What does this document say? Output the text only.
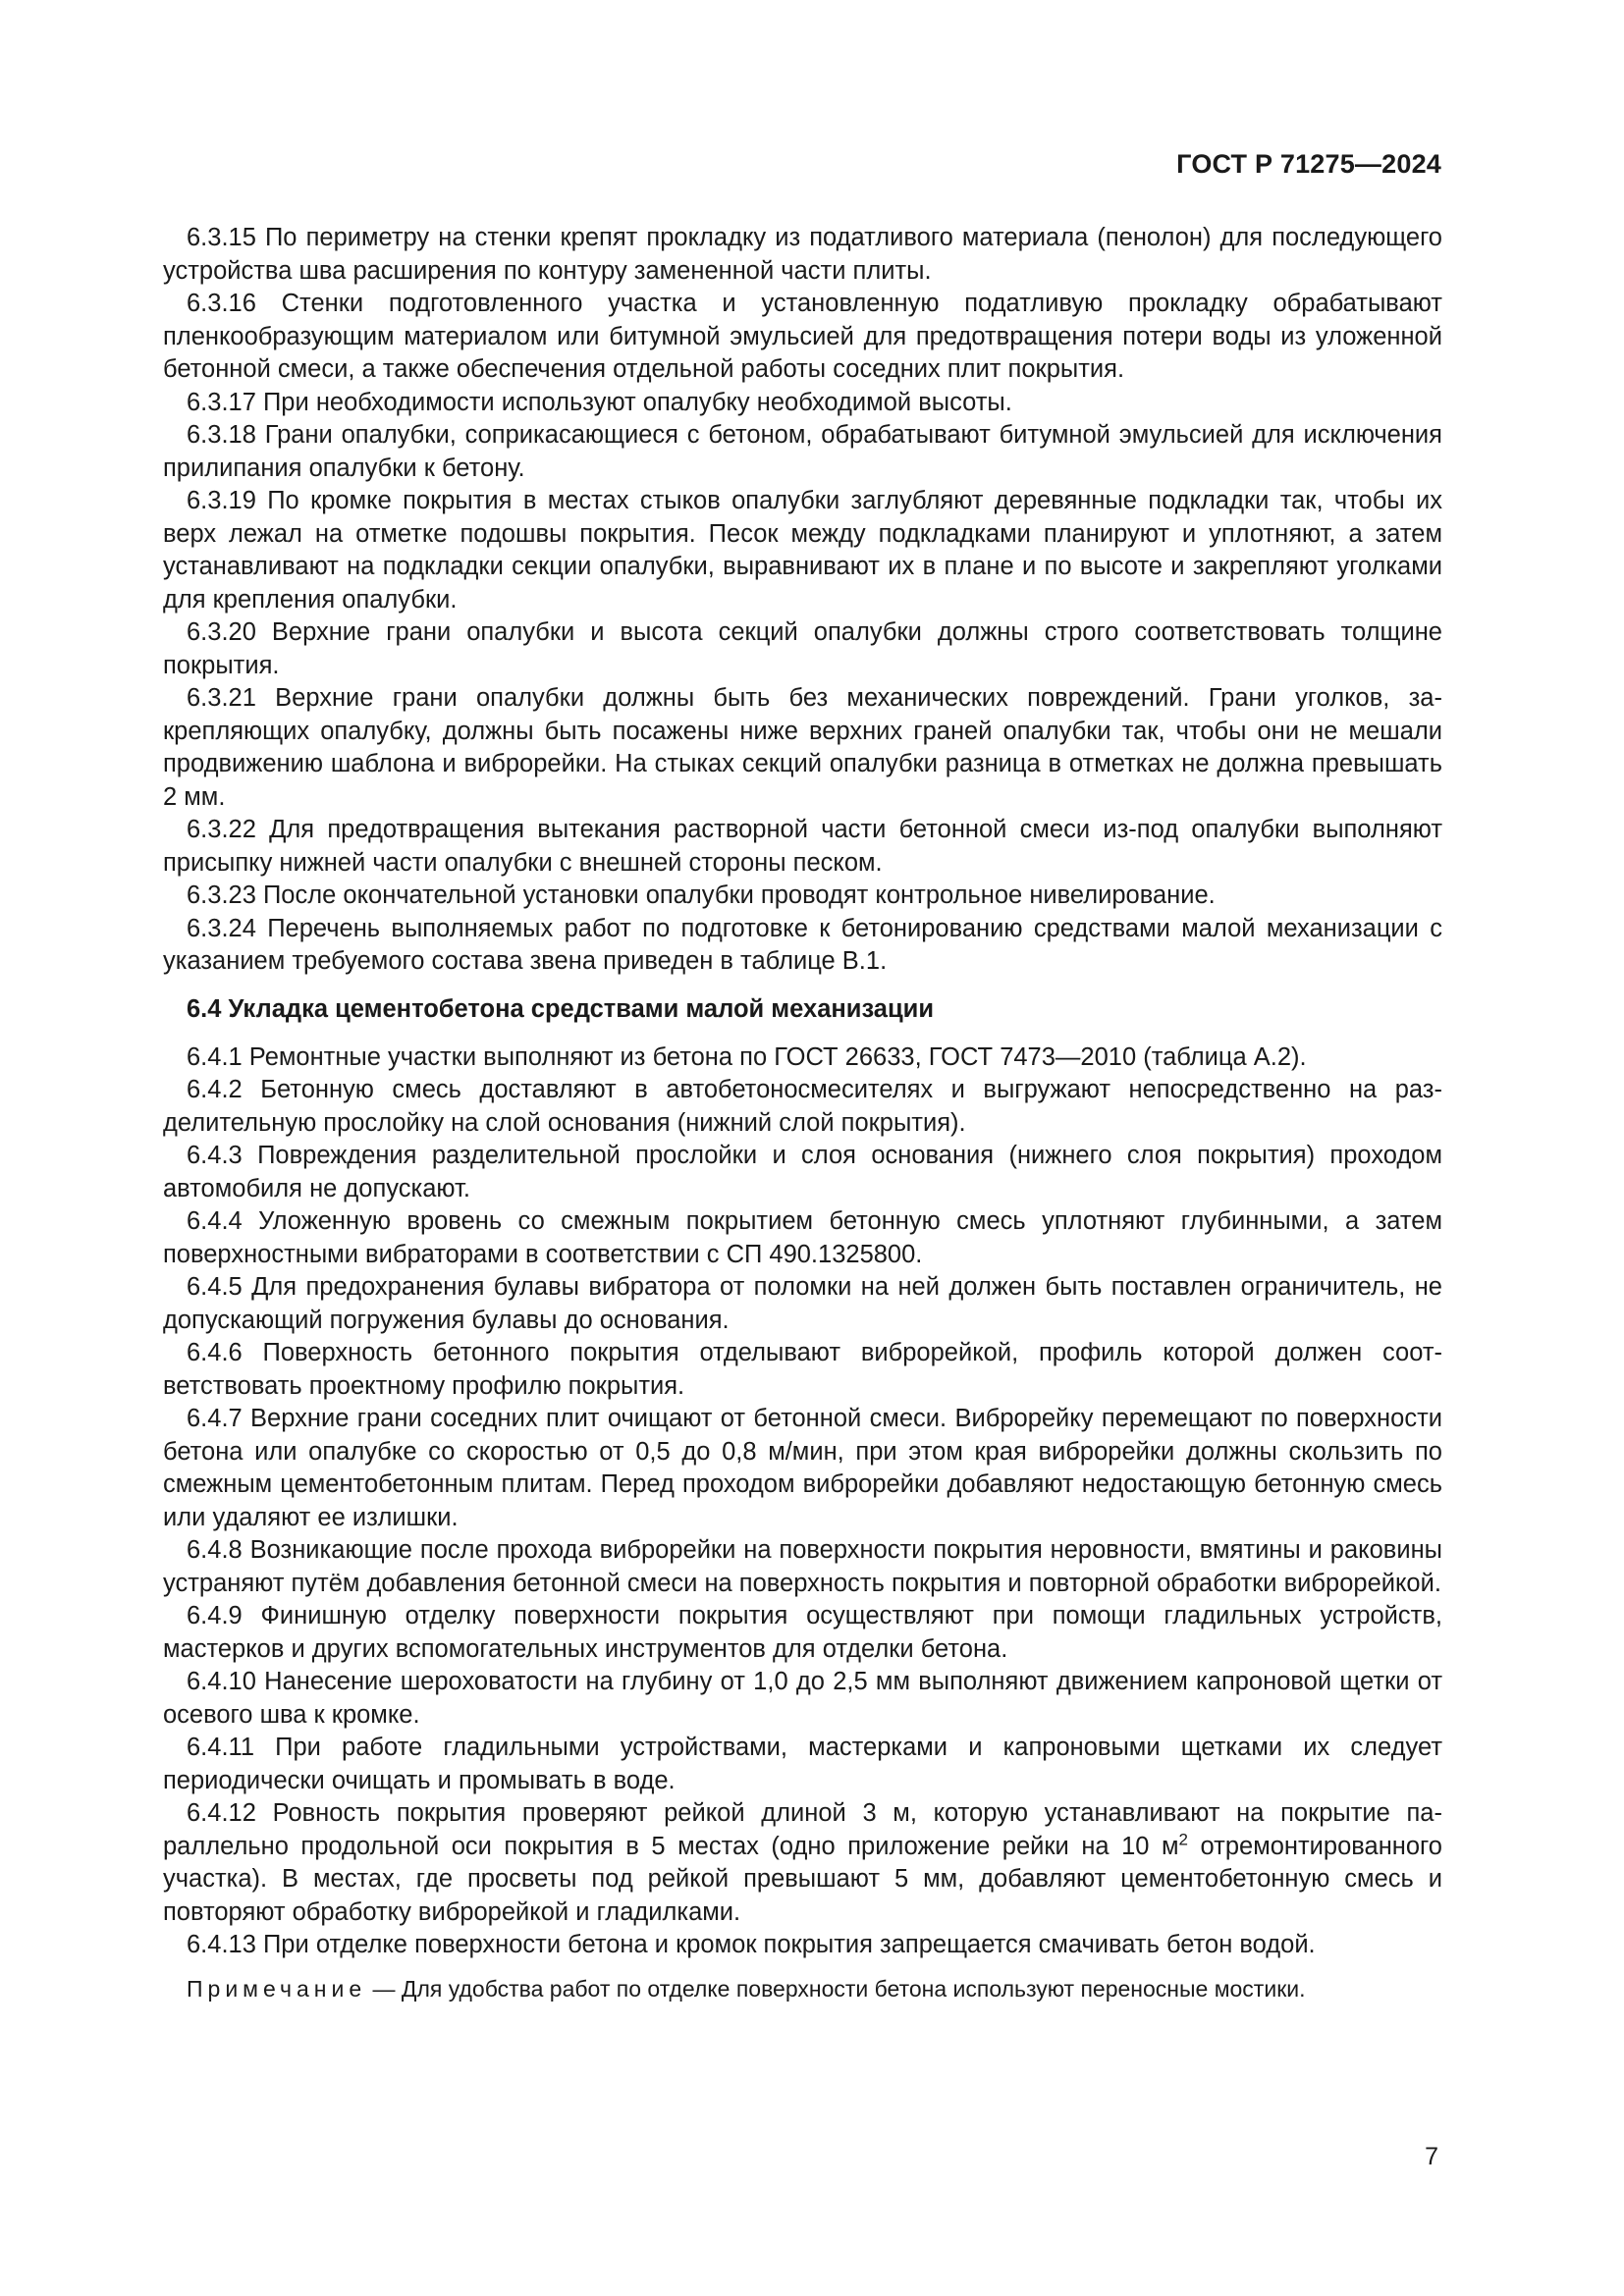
ГОСТ Р 71275—2024

6.3.15 По периметру на стенки крепят прокладку из податливого материала (пенолон) для последующего устройства шва расширения по контуру замененной части плиты.

6.3.16 Стенки подготовленного участка и установленную податливую прокладку обрабатывают пленкообразующим материалом или битумной эмульсией для предотвращения потери воды из уложенной бетонной смеси, а также обеспечения отдельной работы соседних плит покрытия.

6.3.17 При необходимости используют опалубку необходимой высоты.

6.3.18 Грани опалубки, соприкасающиеся с бетоном, обрабатывают битумной эмульсией для исключения прилипания опалубки к бетону.

6.3.19 По кромке покрытия в местах стыков опалубки заглубляют деревянные подкладки так, чтобы их верх лежал на отметке подошвы покрытия. Песок между подкладками планируют и уплотняют, а затем устанавливают на подкладки секции опалубки, выравнивают их в плане и по высоте и закрепляют уголками для крепления опалубки.

6.3.20 Верхние грани опалубки и высота секций опалубки должны строго соответствовать толщине покрытия.

6.3.21 Верхние грани опалубки должны быть без механических повреждений. Грани уголков, закрепляющих опалубку, должны быть посажены ниже верхних граней опалубки так, чтобы они не мешали продвижению шаблона и виброрейки. На стыках секций опалубки разница в отметках не должна превышать 2 мм.

6.3.22 Для предотвращения вытекания растворной части бетонной смеси из-под опалубки выполняют присыпку нижней части опалубки с внешней стороны песком.

6.3.23 После окончательной установки опалубки проводят контрольное нивелирование.

6.3.24 Перечень выполняемых работ по подготовке к бетонированию средствами малой механизации с указанием требуемого состава звена приведен в таблице В.1.

6.4 Укладка цементобетона средствами малой механизации

6.4.1 Ремонтные участки выполняют из бетона по ГОСТ 26633, ГОСТ 7473—2010 (таблица А.2).

6.4.2 Бетонную смесь доставляют в автобетоносмесителях и выгружают непосредственно на разделительную прослойку на слой основания (нижний слой покрытия).

6.4.3 Повреждения разделительной прослойки и слоя основания (нижнего слоя покрытия) проходом автомобиля не допускают.

6.4.4 Уложенную вровень со смежным покрытием бетонную смесь уплотняют глубинными, а затем поверхностными вибраторами в соответствии с СП 490.1325800.

6.4.5 Для предохранения булавы вибратора от поломки на ней должен быть поставлен ограничитель, не допускающий погружения булавы до основания.

6.4.6 Поверхность бетонного покрытия отделывают виброрейкой, профиль которой должен соответствовать проектному профилю покрытия.

6.4.7 Верхние грани соседних плит очищают от бетонной смеси. Виброрейку перемещают по поверхности бетона или опалубке со скоростью от 0,5 до 0,8 м/мин, при этом края виброрейки должны скользить по смежным цементобетонным плитам. Перед проходом виброрейки добавляют недостающую бетонную смесь или удаляют ее излишки.

6.4.8 Возникающие после прохода виброрейки на поверхности покрытия неровности, вмятины и раковины устраняют путём добавления бетонной смеси на поверхность покрытия и повторной обработки виброрейкой.

6.4.9 Финишную отделку поверхности покрытия осуществляют при помощи гладильных устройств, мастерков и других вспомогательных инструментов для отделки бетона.

6.4.10 Нанесение шероховатости на глубину от 1,0 до 2,5 мм выполняют движением капроновой щетки от осевого шва к кромке.

6.4.11 При работе гладильными устройствами, мастерками и капроновыми щетками их следует периодически очищать и промывать в воде.

6.4.12 Ровность покрытия проверяют рейкой длиной 3 м, которую устанавливают на покрытие параллельно продольной оси покрытия в 5 местах (одно приложение рейки на 10 $м^2$ отремонтированного участка). В местах, где просветы под рейкой превышают 5 мм, добавляют цементобетонную смесь и повторяют обработку виброрейкой и гладилками.

6.4.13 При отделке поверхности бетона и кромок покрытия запрещается смачивать бетон водой.

Примечание — Для удобства работ по отделке поверхности бетона используют переносные мостики.
7
